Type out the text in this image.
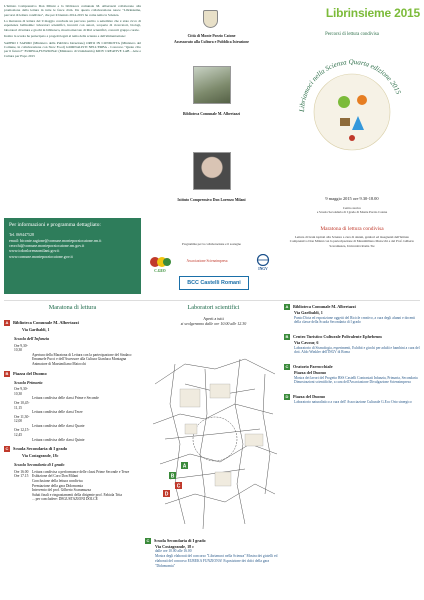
L'Istituto Comprensivo Don Milani e la biblioteca comunale M. Albertazzi collaborano alla promozione della lettura in tutte le fasce d'età. Da questa collaborazione nasce "Librinsieme, percorsi di lettura condivisa", che per il biennio 2014-2015 ha come tema la Scienza.

La maratona di lettura del 9 maggio conclude un percorso partito a settembre che è stato ricco di esperienze bellissime: laboratori scientifici, incontri con autori, scoperte di ricercatori, biologi, laboratori di lettura e giochi in biblioteca, mostra mercato di libri scientifici, concerti gruppo corale.

Inoltre la scuola ha partecipato a progetti legati al tema della scienza e dell'alimentazione:

SAPERI I SAPORI (Ministero della Pubblica Istruzione) ORTO IN CONDOTTA (Ministero del Comune, in collaborazione con Slow Food) GIORNALISTI NELL'ERBA - Concorso "Quale cibo per il futuro?" EUREKA,FUNZIONA! (Ministero di Unindustria) KIDS' CREATIVE LAB - Arte e Cultura per Expo 2015

Per informazioni e programma dettagliato:
Tel. 069447528
email: biconte.ragione@comune.monteporziocatone.rm.it
ceorchi@comune.monteporziocatone.rm.gov.it
www.icdonlorenzomilani.gov.it
www.comune.monteporziocatone.gov.it
Città di Monte Porzio Catone
Assessorato alla Cultura e Pubblica Istruzione
Biblioteca Comunale M. Albertazzi
Istituto Comprensivo Don Lorenzo Milani
Programma per la collaborazione e il sostegno
C.GEO
Associazione Scienzimpresa
INGV
BCC Castelli Romani
Librinsieme 2015
Percorsi di lettura condivisa
Libriamoci nella Scienza Quarta edizione 2015
9 maggio 2015 ore 9.30-18.00
Centro storico
e Scuola Secondaria di I grado di Monte Porzio Catone
Maratona di lettura condivisa
Lettura di brani ispirati alla Scienza a cura di alunni, genitori ed insegnanti dell'Istituto Comprensivo Don Milani con la partecipazione di Massimiliano Maiocchi e del Prof. Gilberto Scaramuzza, Università Roma Tre
Maratona di lettura
A Biblioteca Comunale M. Albertazzi
Via Garibaldi, 1
Scuola dell'Infanzia
Ore 9,30-10,30
Apertura della Maratona di Lettura con la partecipazione del Sindaco Emanuele Pucci e dell'Assessore alla Cultura Gianluca Montagna
Animatore di Massimiliano Maiocchi
B Piazza del Duomo
Scuola Primaria
Ore 9,30-10,30
Lettura condivisa delle classi Prime e Seconde
Ore 10,45-11,15
Lettura condivisa delle classi Terze
Ore 11,30-12,00
Lettura condivisa delle classi Quarte
Ore 12,15-12,45
Lettura condivisa delle classi Quinte
C Scuola Secondaria di I grado
Via Costagrande, 18c
Scuola Secondaria di I grado
Ore 16.00	Lettura condivisa a performance delle classi Prime Seconde e Terze
Ore 17.15	Esibizione del Coro Don Milani
Conclusione della lettura condivisa
Premiazione della gara Didomomia
Intervento del prof. Gilberto Scaramuzza
Saluti finali e ringraziamenti della dirigente prof. Fabiola Trita
... per concludere: DEGUSTAZIONI DOLCE
Laboratori scientifici
Aperti a tutti
si svolgeranno dalle ore 10.00 alle 12.30
A
B
C
D
C Scuola Secondaria di I grado
Via Costagrande, 18 c
dalle ore 10.00 alle 16.00
Mostra degli elaborati del concorso "Libriamoci nella Scienza" Mostra dei gioielli ed elaborati del concorso EUREKA FUNZIONA! Esposizione dei dolci della gara "Didomomia"
A Biblioteca Comunale M. Albertazzi
Via Garibaldi, 1
Punto Dicta ed esposizione oggetti del Ricicle creativo, a cura degli alunni e docenti della classe della Scuola Secondaria di I grado
B Centro Turistico Culturale Polivalente Ephebeum
Via Cavour, 6
Laboratorio di Sismologia, esperimenti, Exhibit e giochi per adulti e bambini a cura del dott. Aldo Winkler dell'INGV di Roma
C Oratorio Parrocchiale
Piazza del Duomo
Mostra dei lavori del Progetto BSS Castelli Contrastati Infanzia, Primaria, Secondaria Dimostrazioni scientifiche, a cura dell'Associazione Divulgazione Scienzimpresa
D Piazza del Duomo
Laboratorio naturalistico a cura dell' Associazione Culturale G.Eco Orto sinergico
